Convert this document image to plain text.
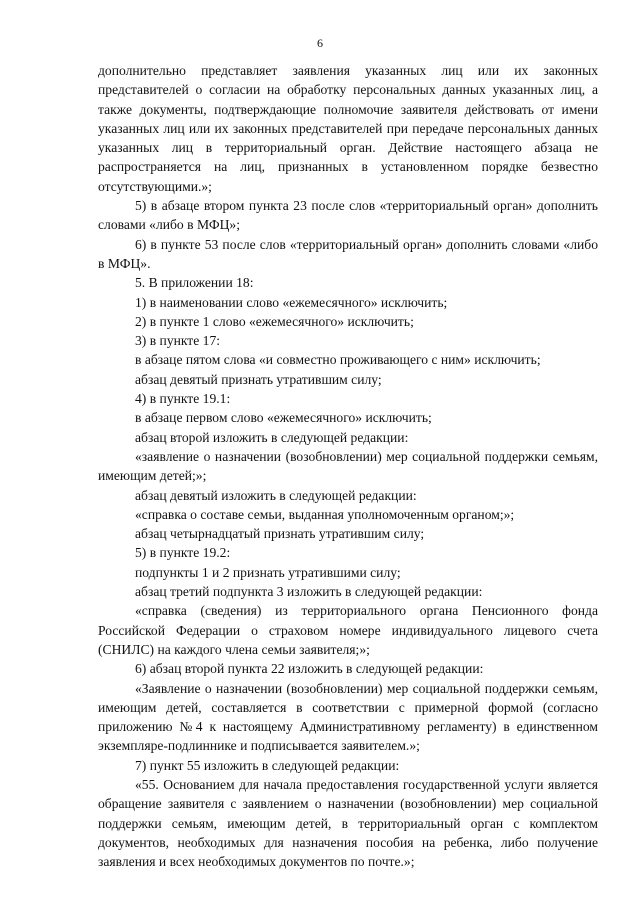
6

дополнительно представляет заявления указанных лиц или их законных представителей о согласии на обработку персональных данных указанных лиц, а также документы, подтверждающие полномочие заявителя действовать от имени указанных лиц или их законных представителей при передаче персональных данных указанных лиц в территориальный орган. Действие настоящего абзаца не распространяется на лиц, признанных в установленном порядке безвестно отсутствующими.»;

5) в абзаце втором пункта 23 после слов «территориальный орган» дополнить словами «либо в МФЦ»;

6) в пункте 53 после слов «территориальный орган» дополнить словами «либо в МФЦ».

5. В приложении 18:

1) в наименовании слово «ежемесячного» исключить;

2) в пункте 1 слово «ежемесячного» исключить;

3) в пункте 17:

в абзаце пятом слова «и совместно проживающего с ним» исключить;

абзац девятый признать утратившим силу;

4) в пункте 19.1:

в абзаце первом слово «ежемесячного» исключить;

абзац второй изложить в следующей редакции:

«заявление о назначении (возобновлении) мер социальной поддержки семьям, имеющим детей;»;

абзац девятый изложить в следующей редакции:

«справка о составе семьи, выданная уполномоченным органом;»;

абзац четырнадцатый признать утратившим силу;

5) в пункте 19.2:

подпункты 1 и 2 признать утратившими силу;

абзац третий подпункта 3 изложить в следующей редакции:

«справка (сведения) из территориального органа Пенсионного фонда Российской Федерации о страховом номере индивидуального лицевого счета (СНИЛС) на каждого члена семьи заявителя;»;

6) абзац второй пункта 22 изложить в следующей редакции:

«Заявление о назначении (возобновлении) мер социальной поддержки семьям, имеющим детей, составляется в соответствии с примерной формой (согласно приложению №4 к настоящему Административному регламенту) в единственном экземпляре-подлиннике и подписывается заявителем.»;

7) пункт 55 изложить в следующей редакции:

«55. Основанием для начала предоставления государственной услуги является обращение заявителя с заявлением о назначении (возобновлении) мер социальной поддержки семьям, имеющим детей, в территориальный орган с комплектом документов, необходимых для назначения пособия на ребенка, либо получение заявления и всех необходимых документов по почте.»;
